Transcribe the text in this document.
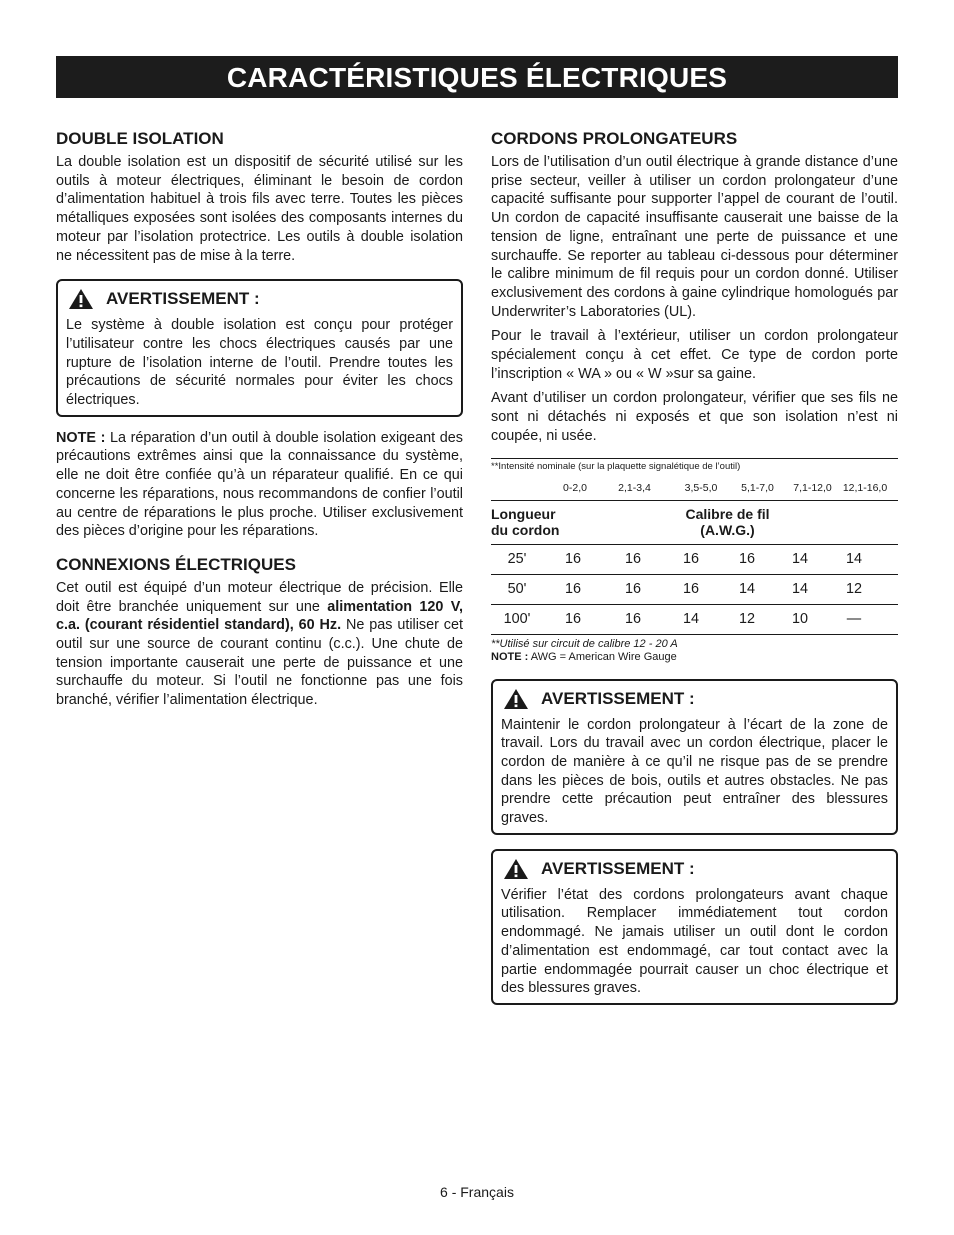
CARACTÉRISTIQUES ÉLECTRIQUES
DOUBLE ISOLATION

La double isolation est un dispositif de sécurité utilisé sur les outils à moteur électriques, éliminant le besoin de cordon d’alimentation habituel à trois fils avec terre. Toutes les pièces métalliques exposées sont isolées des composants internes du moteur par l’isolation protectrice. Les outils à double isolation ne nécessitent pas de mise à la terre.

AVERTISSEMENT :

Le système à double isolation est conçu pour protéger l’utilisateur contre les chocs électriques causés par une rupture de l’isolation interne de l’outil. Prendre toutes les précautions de sécurité normales pour éviter les chocs électriques.

NOTE : La réparation d’un outil à double isolation exigeant des précautions extrêmes ainsi que la connaissance du système, elle ne doit être confiée qu’à un réparateur qualifié. En ce qui concerne les réparations, nous recommandons de confier l’outil au centre de réparations le plus proche. Utiliser exclusivement des pièces d’origine pour les réparations.

CONNEXIONS ÉLECTRIQUES

Cet outil est équipé d’un moteur électrique de précision. Elle doit être branchée uniquement sur une alimentation 120 V, c.a. (courant résidentiel standard), 60 Hz. Ne pas utiliser cet outil sur une source de courant continu (c.c.). Une chute de tension importante causerait une perte de puissance et une surchauffe du moteur. Si l’outil ne fonctionne pas une fois branché, vérifier l’alimentation électrique.

CORDONS PROLONGATEURS

Lors de l’utilisation d’un outil électrique à grande distance d’une prise secteur, veiller à utiliser un cordon prolongateur d’une capacité suffisante pour supporter l’appel de courant de l’outil. Un cordon de capacité insuffisante causerait une baisse de la tension de ligne, entraînant une perte de puissance et une surchauffe. Se reporter au tableau ci-dessous pour déterminer le calibre minimum de fil requis pour un cordon donné. Utiliser exclusivement des cordons à gaine cylindrique homologués par Underwriter’s Laboratories (UL).

Pour le travail à l’extérieur, utiliser un cordon prolongateur spécialement conçu à cet effet. Ce type de cordon porte l’inscription « WA » ou « W »sur sa gaine.

Avant d’utiliser un cordon prolongateur, vérifier que ses fils ne sont ni détachés ni exposés et que son isolation n’est ni coupée, ni usée.

**Intensité nominale (sur la plaquette signalétique de l’outil)
0-2,0	2,1-3,4	3,5-5,0	5,1-7,0	7,1-12,0	12,1-16,0
Longueur
du cordon
Calibre de fil
(A.W.G.)
25'	16	16	16	16	14	14
50'	16	16	16	14	14	12
100'	16	16	14	12	10	—
**Utilisé sur circuit de calibre 12 - 20 A
NOTE : AWG = American Wire Gauge
AVERTISSEMENT :

Maintenir le cordon prolongateur à l’écart de la zone de travail. Lors du travail avec un cordon électrique, placer le cordon de manière à ce qu’il ne risque pas de se prendre dans les pièces de bois, outils et autres obstacles. Ne pas prendre cette précaution peut entraîner des blessures graves.

AVERTISSEMENT :

Vérifier l’état des cordons prolongateurs avant chaque utilisation. Remplacer immédiatement tout cordon endommagé. Ne jamais utiliser un outil dont le cordon d’alimentation est endommagé, car tout contact avec la partie endommagée pourrait causer un choc électrique et des blessures graves.

6 - Français
